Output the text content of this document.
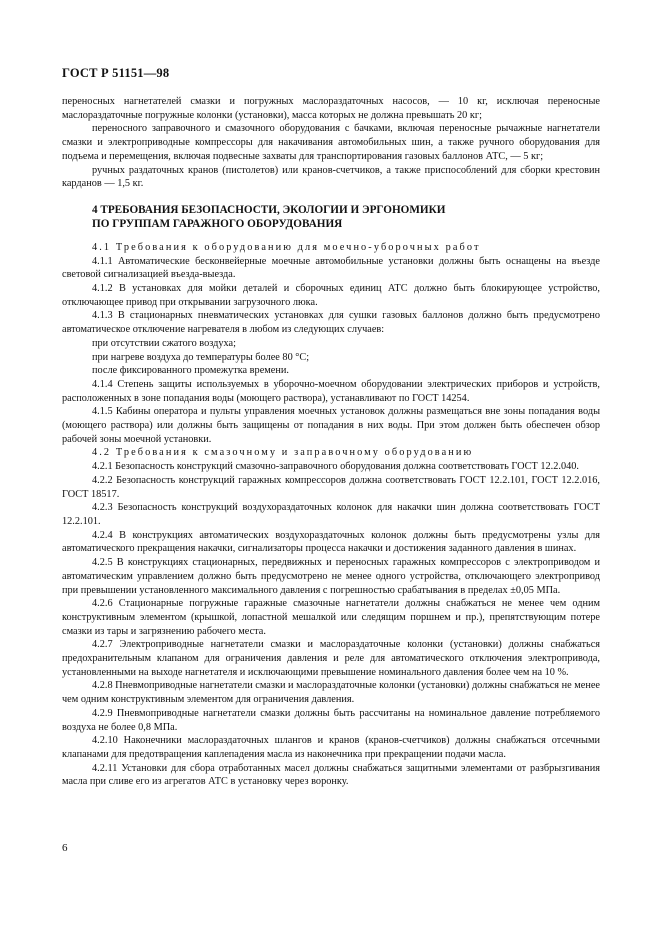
ГОСТ Р 51151—98

переносных нагнетателей смазки и погружных маслораздаточных насосов, — 10 кг, исключая переносные маслораздаточные погружные колонки (установки), масса которых не должна превышать 20 кг;

переносного заправочного и смазочного оборудования с бачками, включая переносные рычажные нагнетатели смазки и электроприводные компрессоры для накачивания автомобильных шин, а также ручного оборудования для подъема и перемещения, включая подвесные захваты для транспортирования газовых баллонов АТС, — 5 кг;

ручных раздаточных кранов (пистолетов) или кранов-счетчиков, а также приспособлений для сборки крестовин карданов — 1,5 кг.

4 ТРЕБОВАНИЯ БЕЗОПАСНОСТИ, ЭКОЛОГИИ И ЭРГОНОМИКИ
ПО ГРУППАМ ГАРАЖНОГО ОБОРУДОВАНИЯ

4.1 Требования к оборудованию для моечно-уборочных работ

4.1.1 Автоматические бесконвейерные моечные автомобильные установки должны быть оснащены на въезде световой сигнализацией въезда-выезда.

4.1.2 В установках для мойки деталей и сборочных единиц АТС должно быть блокирующее устройство, отключающее привод при открывании загрузочного люка.

4.1.3 В стационарных пневматических установках для сушки газовых баллонов должно быть предусмотрено автоматическое отключение нагревателя в любом из следующих случаев:

при отсутствии сжатого воздуха;

при нагреве воздуха до температуры более 80 °С;

после фиксированного промежутка времени.

4.1.4 Степень защиты используемых в уборочно-моечном оборудовании электрических приборов и устройств, расположенных в зоне попадания воды (моющего раствора), устанавливают по ГОСТ 14254.

4.1.5 Кабины оператора и пульты управления моечных установок должны размещаться вне зоны попадания воды (моющего раствора) или должны быть защищены от попадания в них воды. При этом должен быть обеспечен обзор рабочей зоны моечной установки.

4.2 Требования к смазочному и заправочному оборудованию

4.2.1 Безопасность конструкций смазочно-заправочного оборудования должна соответствовать ГОСТ 12.2.040.

4.2.2 Безопасность конструкций гаражных компрессоров должна соответствовать ГОСТ 12.2.101, ГОСТ 12.2.016, ГОСТ 18517.

4.2.3 Безопасность конструкций воздухораздаточных колонок для накачки шин должна соответствовать ГОСТ 12.2.101.

4.2.4 В конструкциях автоматических воздухораздаточных колонок должны быть предусмотрены узлы для автоматического прекращения накачки, сигнализаторы процесса накачки и достижения заданного давления в шинах.

4.2.5 В конструкциях стационарных, передвижных и переносных гаражных компрессоров с электроприводом и автоматическим управлением должно быть предусмотрено не менее одного устройства, отключающего электропривод при превышении установленного максимального давления с погрешностью срабатывания в пределах ±0,05 МПа.

4.2.6 Стационарные погружные гаражные смазочные нагнетатели должны снабжаться не менее чем одним конструктивным элементом (крышкой, лопастной мешалкой или следящим поршнем и пр.), препятствующим потере смазки из тары и загрязнению рабочего места.

4.2.7 Электроприводные нагнетатели смазки и маслораздаточные колонки (установки) должны снабжаться предохранительным клапаном для ограничения давления и реле для автоматического отключения электропривода, установленными на выходе нагнетателя и исключающими превышение номинального давления более чем на 10 %.

4.2.8 Пневмоприводные нагнетатели смазки и маслораздаточные колонки (установки) должны снабжаться не менее чем одним конструктивным элементом для ограничения давления.

4.2.9 Пневмоприводные нагнетатели смазки должны быть рассчитаны на номинальное давление потребляемого воздуха не более 0,8 МПа.

4.2.10 Наконечники маслораздаточных шлангов и кранов (кранов-счетчиков) должны снабжаться отсечными клапанами для предотвращения каплепадения масла из наконечника при прекращении подачи масла.

4.2.11 Установки для сбора отработанных масел должны снабжаться защитными элементами от разбрызгивания масла при сливе его из агрегатов АТС в установку через воронку.

6
